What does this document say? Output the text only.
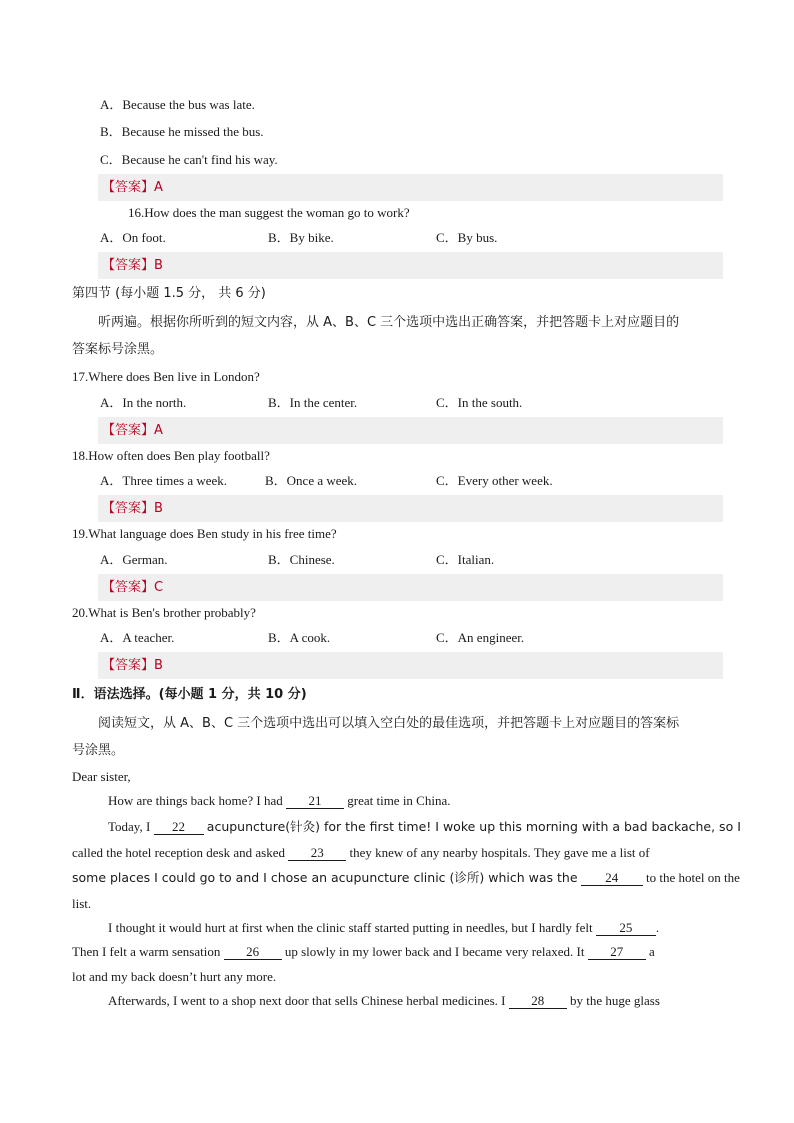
A．Because the bus was late.
B．Because he missed the bus.
C．Because he can't find his way.
【答案】A
16.How does the man suggest the woman go to work?
A．On foot.	B．By bike.	C．By bus.
【答案】B
第四节 (每小题 1.5 分， 共 6 分)
听两遍。根据你所听到的短文内容，从 A、B、C 三个选项中选出正确答案，并把答题卡上对应题目的
答案标号涂黑。
17.Where does Ben live in London?
A．In the north.	B．In the center.	C．In the south.
【答案】A
18.How often does Ben play football?
A．Three times a week.	B．Once a week.	C．Every other week.
【答案】B
19.What language does Ben study in his free time?
A．German.	B．Chinese.	C．Italian.
【答案】C
20.What is Ben's brother probably?
A．A teacher.	B．A cook.	C．An engineer.
【答案】B
Ⅱ．语法选择。(每小题 1 分，共 10 分)
阅读短文，从 A、B、C 三个选项中选出可以填入空白处的最佳选项，并把答题卡上对应题目的答案标
号涂黑。
Dear sister,
How are things back home? I had 21 great time in China.
Today, I 22 acupuncture(针灸) for the first time! I woke up this morning with a bad backache, so I
called the hotel reception desk and asked 23 they knew of any nearby hospitals. They gave me a list of
some places I could go to and I chose an acupuncture clinic (诊所) which was the 24 to the hotel on the
list.
I thought it would hurt at first when the clinic staff started putting in needles, but I hardly felt 25 .
Then I felt a warm sensation 26 up slowly in my lower back and I became very relaxed. It 27 a
lot and my back doesn’t hurt any more.
Afterwards, I went to a shop next door that sells Chinese herbal medicines. I 28 by the huge glass
